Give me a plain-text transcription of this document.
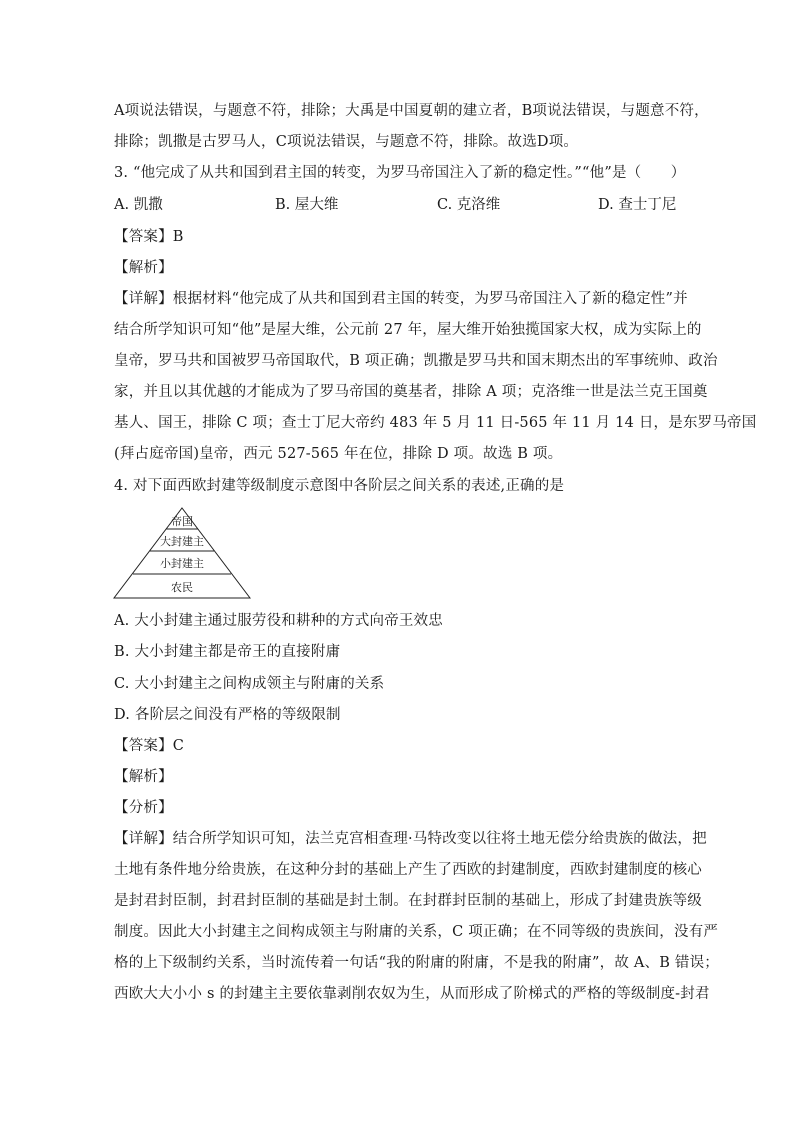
A项说法错误，与题意不符，排除；大禹是中国夏朝的建立者，B项说法错误，与题意不符，
排除；凯撒是古罗马人，C项说法错误，与题意不符，排除。故选D项。
3. “他完成了从共和国到君主国的转变，为罗马帝国注入了新的稳定性。”“他”是（　　）
A. 凯撒	B. 屋大维	C. 克洛维	D. 查士丁尼
【答案】B
【解析】
【详解】根据材料“他完成了从共和国到君主国的转变，为罗马帝国注入了新的稳定性”并
结合所学知识可知“他”是屋大维，公元前 27 年，屋大维开始独揽国家大权，成为实际上的
皇帝，罗马共和国被罗马帝国取代，B 项正确；凯撒是罗马共和国末期杰出的军事统帅、政治
家，并且以其优越的才能成为了罗马帝国的奠基者，排除 A 项；克洛维一世是法兰克王国奠
基人、国王，排除 C 项；查士丁尼大帝约 483 年 5 月 11 日-565 年 11 月 14 日，是东罗马帝国
(拜占庭帝国)皇帝，西元 527-565 年在位，排除 D 项。故选 B 项。
4. 对下面西欧封建等级制度示意图中各阶层之间关系的表述,正确的是
帝国
大封建主
小封建主
农民
A. 大小封建主通过服劳役和耕种的方式向帝王效忠
B. 大小封建主都是帝王的直接附庸
C. 大小封建主之间构成领主与附庸的关系
D. 各阶层之间没有严格的等级限制
【答案】C
【解析】
【分析】
【详解】结合所学知识可知，法兰克宫相查理·马特改变以往将土地无偿分给贵族的做法，把
土地有条件地分给贵族，在这种分封的基础上产生了西欧的封建制度，西欧封建制度的核心
是封君封臣制，封君封臣制的基础是封土制。在封群封臣制的基础上，形成了封建贵族等级
制度。因此大小封建主之间构成领主与附庸的关系，C 项正确；在不同等级的贵族间，没有严
格的上下级制约关系，当时流传着一句话“我的附庸的附庸，不是我的附庸”，故 A、B 错误；
西欧大大小小 s 的封建主主要依靠剥削农奴为生，从而形成了阶梯式的严格的等级制度-封君
